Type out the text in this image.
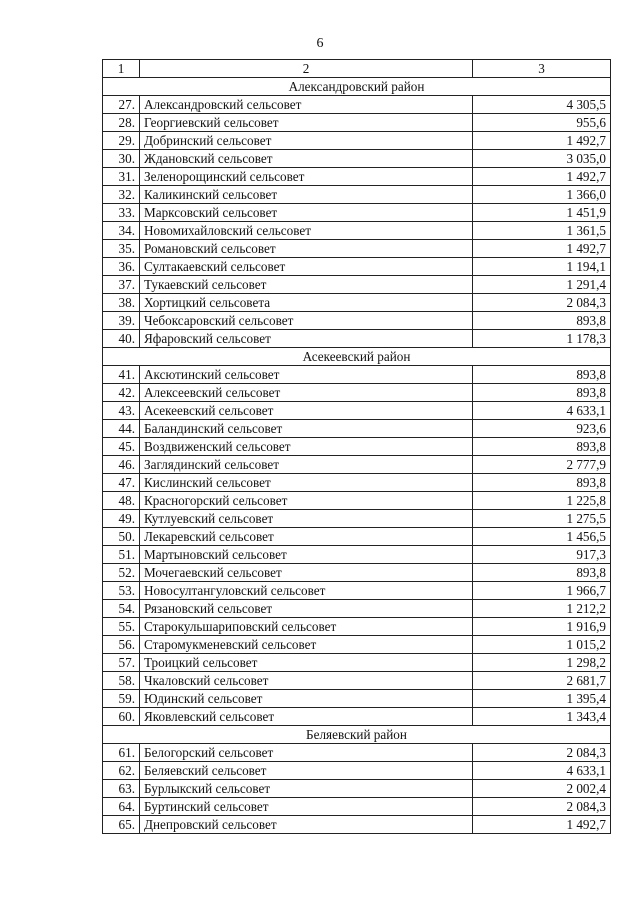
6
1	2	3
Александровский район		
27.	Александровский сельсовет	4 305,5
28.	Георгиевский сельсовет	955,6
29.	Добринский сельсовет	1 492,7
30.	Ждановский сельсовет	3 035,0
31.	Зеленорощинский сельсовет	1 492,7
32.	Каликинский сельсовет	1 366,0
33.	Марксовский сельсовет	1 451,9
34.	Новомихайловский сельсовет	1 361,5
35.	Романовский сельсовет	1 492,7
36.	Султакаевский сельсовет	1 194,1
37.	Тукаевский сельсовет	1 291,4
38.	Хортицкий сельсовета	2 084,3
39.	Чебоксаровский сельсовет	893,8
40.	Яфаровский сельсовет	1 178,3
Асекеевский район		
41.	Аксютинский сельсовет	893,8
42.	Алексеевский сельсовет	893,8
43.	Асекеевский сельсовет	4 633,1
44.	Баландинский сельсовет	923,6
45.	Воздвиженский сельсовет	893,8
46.	Заглядинский сельсовет	2 777,9
47.	Кислинский сельсовет	893,8
48.	Красногорский сельсовет	1 225,8
49.	Кутлуевский сельсовет	1 275,5
50.	Лекаревский сельсовет	1 456,5
51.	Мартыновский сельсовет	917,3
52.	Мочегаевский сельсовет	893,8
53.	Новосултангуловский сельсовет	1 966,7
54.	Рязановский сельсовет	1 212,2
55.	Старокульшариповский сельсовет	1 916,9
56.	Старомукменевский сельсовет	1 015,2
57.	Троицкий сельсовет	1 298,2
58.	Чкаловский сельсовет	2 681,7
59.	Юдинский сельсовет	1 395,4
60.	Яковлевский сельсовет	1 343,4
Беляевский район		
61.	Белогорский сельсовет	2 084,3
62.	Беляевский сельсовет	4 633,1
63.	Бурлыкский сельсовет	2 002,4
64.	Буртинский сельсовет	2 084,3
65.	Днепровский сельсовет	1 492,7
